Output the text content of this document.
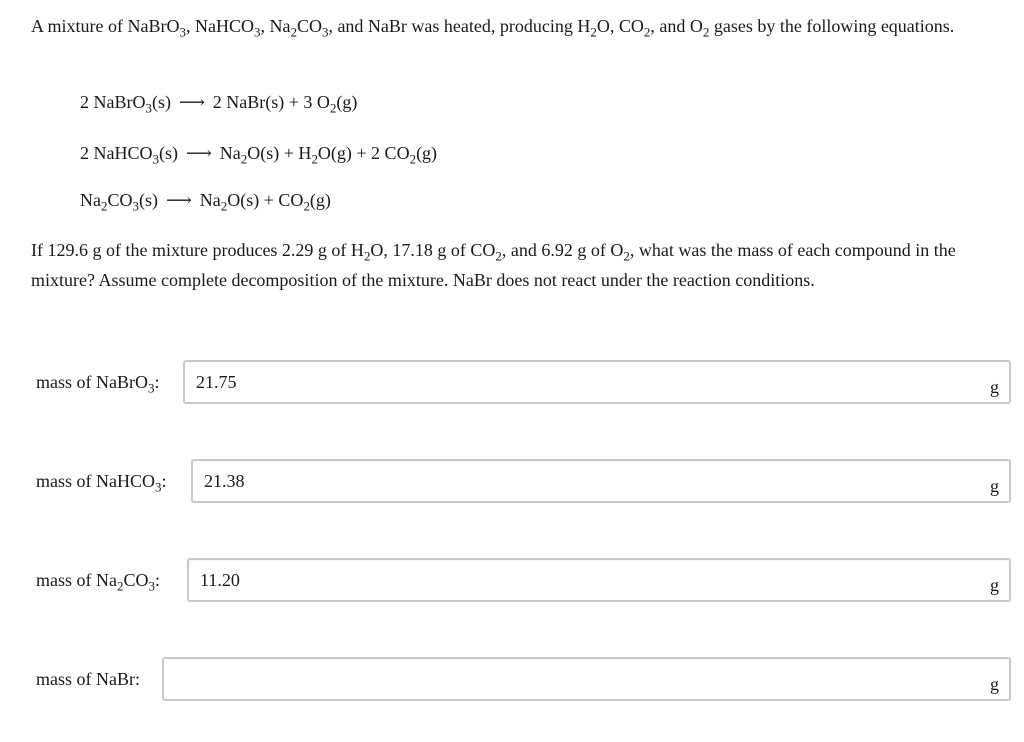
A mixture of NaBrO$_3$, NaHCO$_3$, $Na_2CO_3$, and NaBr was heated, producing $H_2O$, $CO_2$, and $O_2$ gases by the following equations.
2 NaBrO$_3$(s) ⟶ 2 NaBr(s) + 3 $O_2(g)$
2 NaHCO$_3$(s) ⟶ $Na_2O(s) + H_2O(g) + 2$ $CO_2(g)$
$Na_2CO_3(s)$ ⟶ $Na_2O(s) + CO_2(g)$
If 129.6 g of the mixture produces 2.29 g of $H_2O$, 17.18 g of $CO_2$, and 6.92 g of $O_2$, what was the mass of each compound in the mixture? Assume complete decomposition of the mixture. NaBr does not react under the reaction conditions.
mass of NaBrO$_3$: 21.75	g
mass of NaHCO$_3$: 21.38	g
mass of $Na_2CO_3$: 11.20	g
mass of NaBr:	g
